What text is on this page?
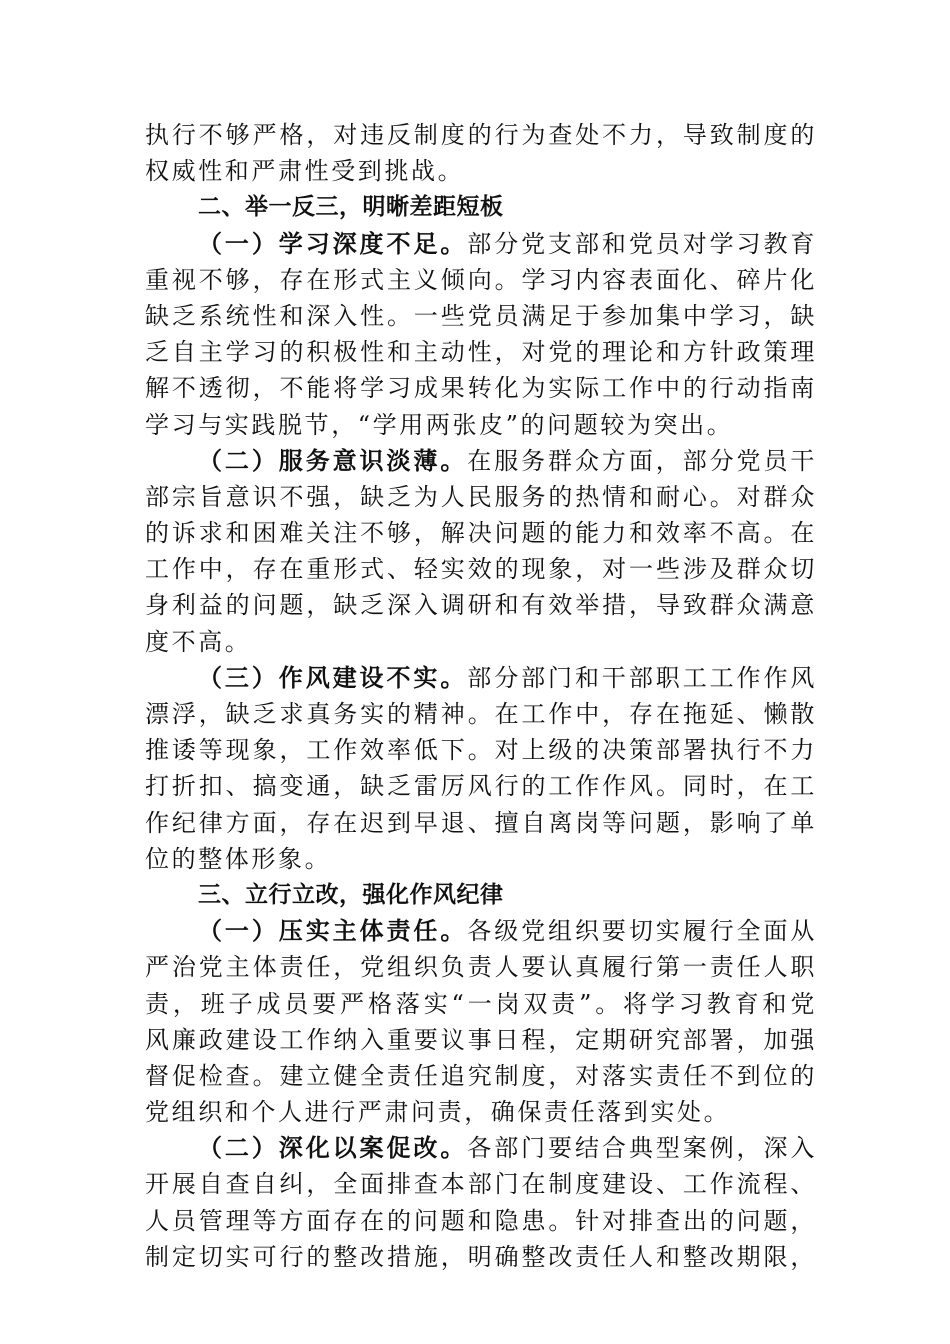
执行不够严格，对违反制度的行为查处不力，导致制度的
权威性和严肃性受到挑战。
二、举一反三，明晰差距短板
（一）学习深度不足。部分党支部和党员对学习教育
重视不够，存在形式主义倾向。学习内容表面化、碎片化
缺乏系统性和深入性。一些党员满足于参加集中学习，缺
乏自主学习的积极性和主动性，对党的理论和方针政策理
解不透彻，不能将学习成果转化为实际工作中的行动指南
学习与实践脱节，“学用两张皮”的问题较为突出。
（二）服务意识淡薄。在服务群众方面，部分党员干
部宗旨意识不强，缺乏为人民服务的热情和耐心。对群众
的诉求和困难关注不够，解决问题的能力和效率不高。在
工作中，存在重形式、轻实效的现象，对一些涉及群众切
身利益的问题，缺乏深入调研和有效举措，导致群众满意
度不高。
（三）作风建设不实。部分部门和干部职工工作作风
漂浮，缺乏求真务实的精神。在工作中，存在拖延、懒散
推诿等现象，工作效率低下。对上级的决策部署执行不力
打折扣、搞变通，缺乏雷厉风行的工作作风。同时，在工
作纪律方面，存在迟到早退、擅自离岗等问题，影响了单
位的整体形象。
三、立行立改，强化作风纪律
（一）压实主体责任。各级党组织要切实履行全面从
严治党主体责任，党组织负责人要认真履行第一责任人职
责，班子成员要严格落实“一岗双责”。将学习教育和党
风廉政建设工作纳入重要议事日程，定期研究部署，加强
督促检查。建立健全责任追究制度，对落实责任不到位的
党组织和个人进行严肃问责，确保责任落到实处。
（二）深化以案促改。各部门要结合典型案例，深入
开展自查自纠，全面排查本部门在制度建设、工作流程、
人员管理等方面存在的问题和隐患。针对排查出的问题，
制定切实可行的整改措施，明确整改责任人和整改期限，
